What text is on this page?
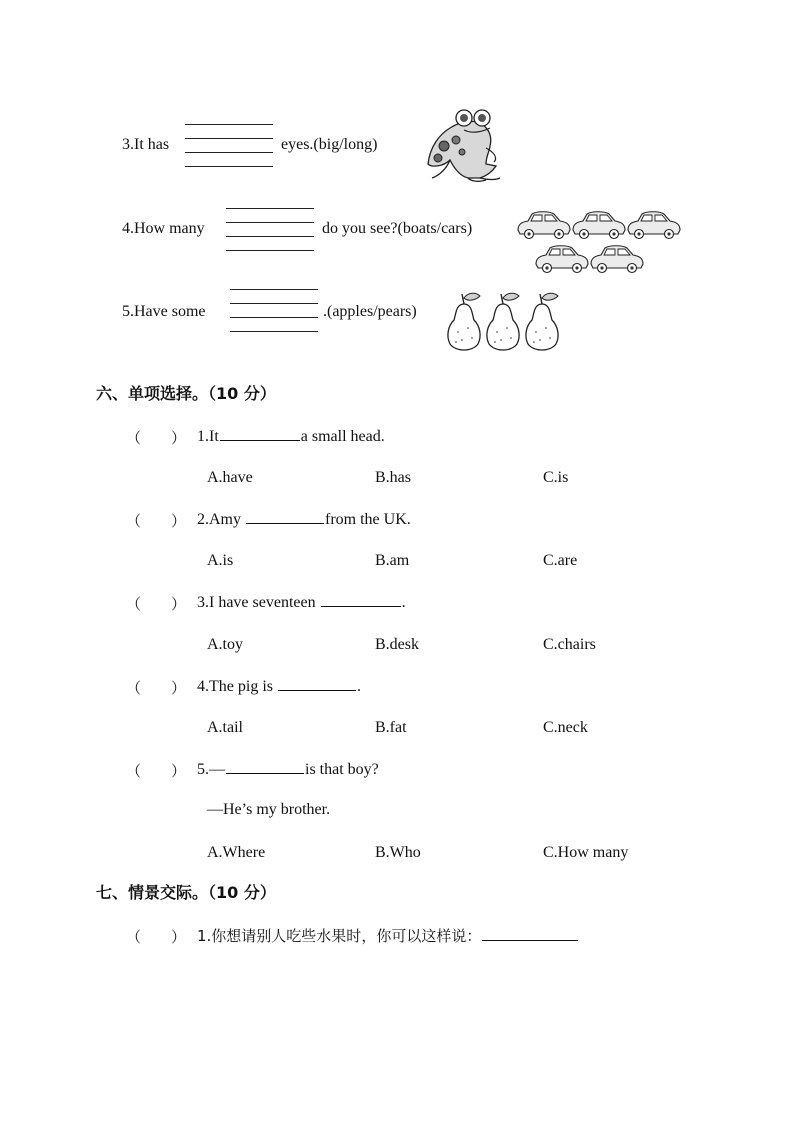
3.It has	eyes.(big/long)
4.How many	do you see?(boats/cars)
5.Have some	.(apples/pears)
六、单项选择。（10 分）
（　　） 1.It	a small head.
A.have	B.has	C.is
（　　） 2.Amy	from the UK.
A.is	B.am	C.are
（　　） 3.I have seventeen	.
A.toy	B.desk	C.chairs
（　　） 4.The pig is	.
A.tail	B.fat	C.neck
（　　） 5.—	is that boy?
—He’s my brother.
A.Where	B.Who	C.How many
七、情景交际。（10 分）
（　　） 1.你想请别人吃些水果时，你可以这样说：
